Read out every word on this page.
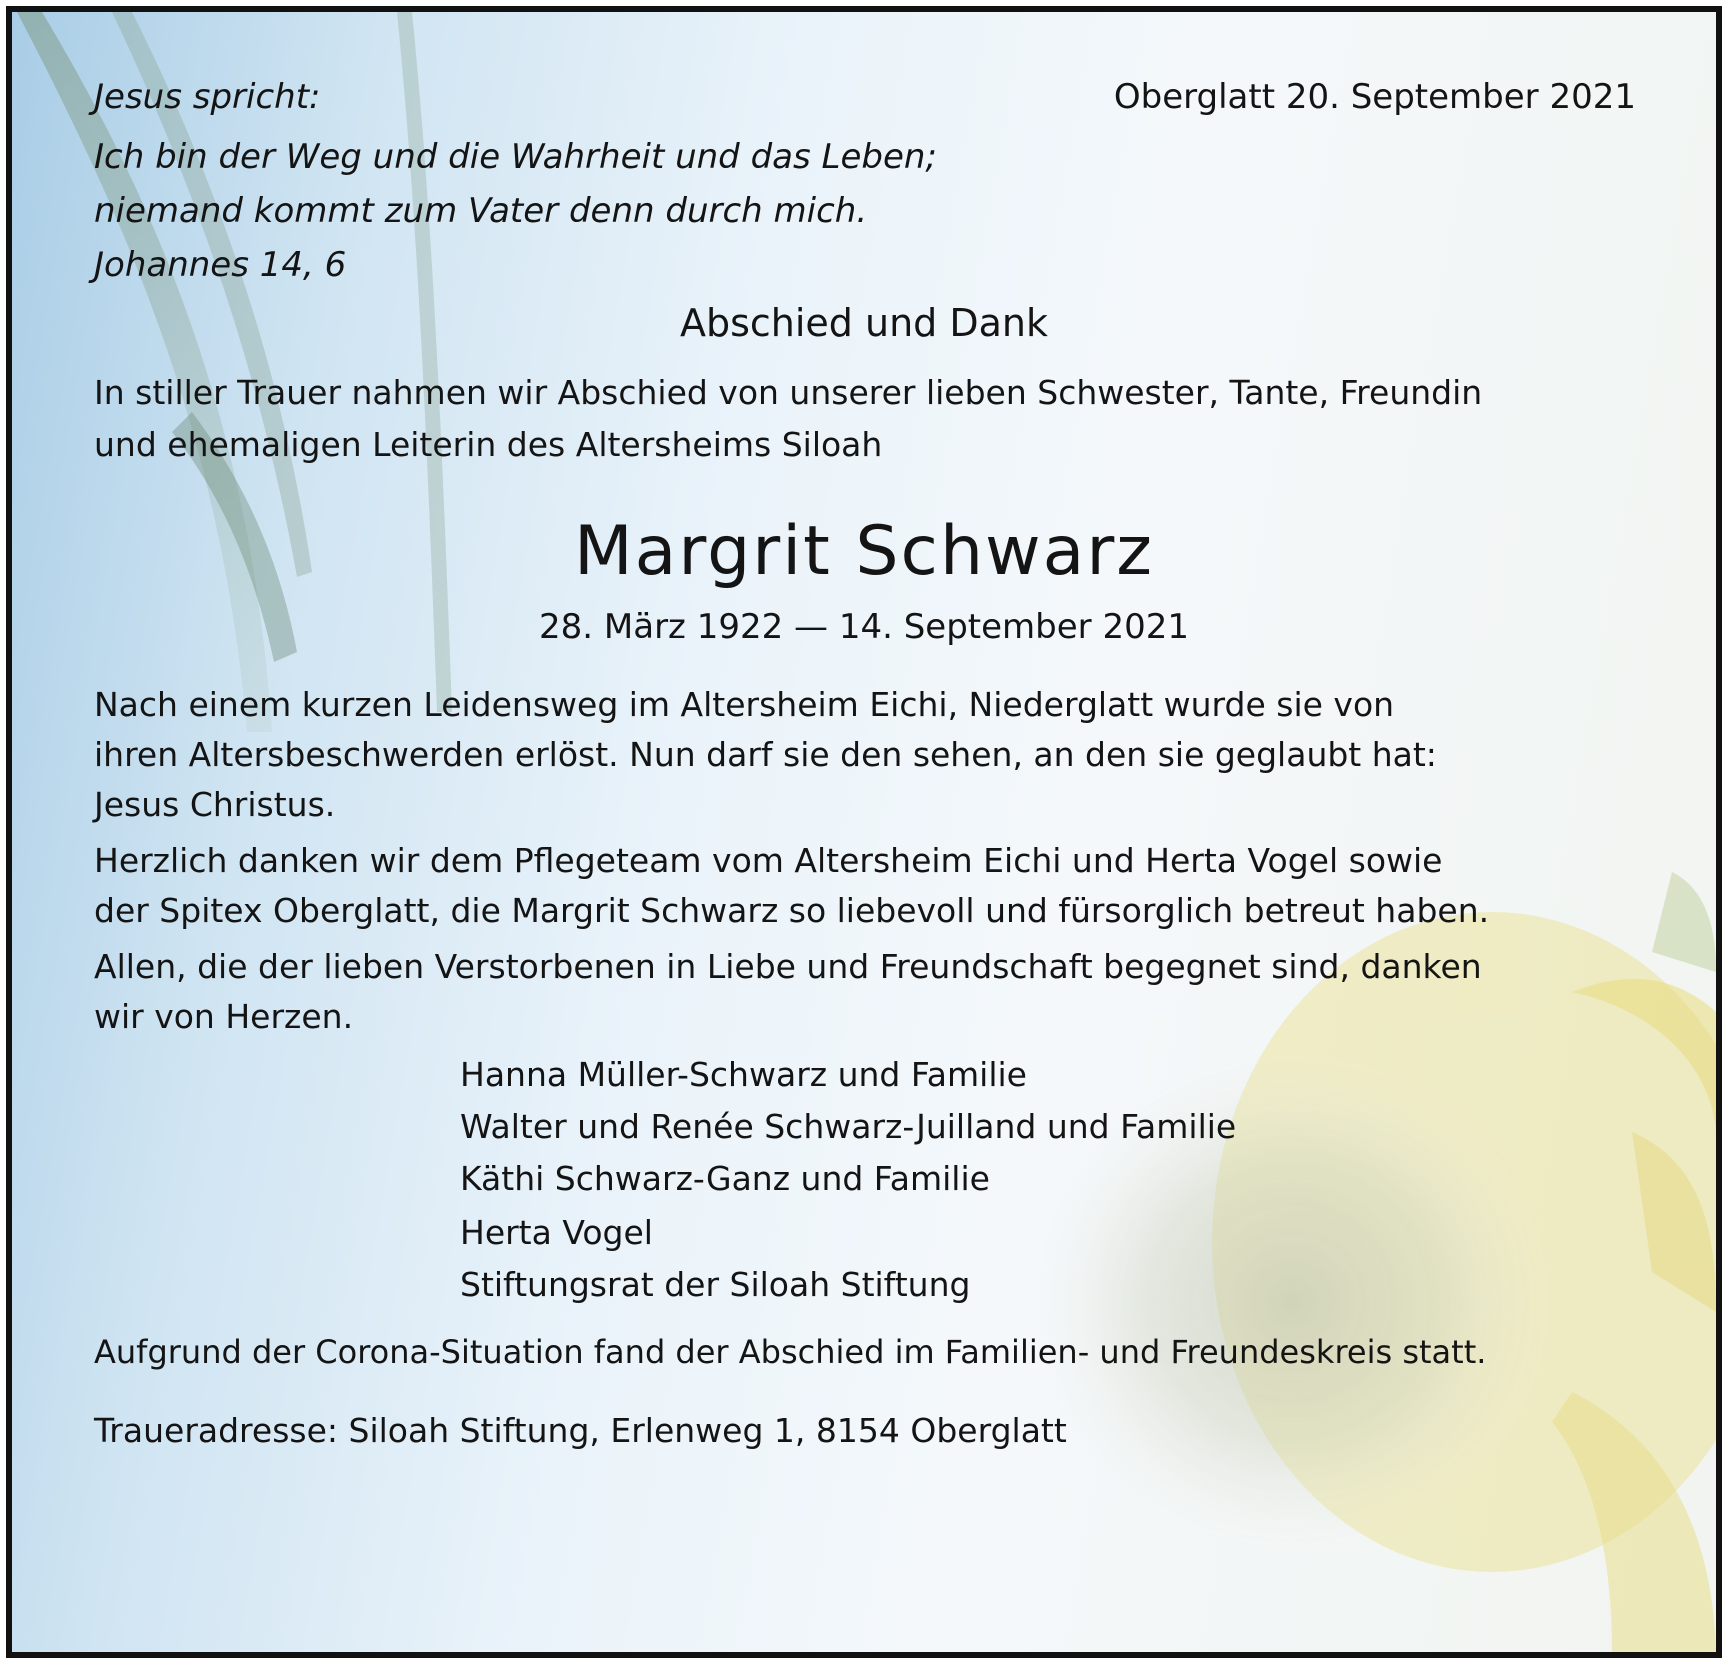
Jesus spricht:	Oberglatt 20. September 2021

Ich bin der Weg und die Wahrheit und das Leben;

niemand kommt zum Vater denn durch mich.

Johannes 14, 6

Abschied und Dank

In stiller Trauer nahmen wir Abschied von unserer lieben Schwester, Tante, Freundin

und ehemaligen Leiterin des Altersheims Siloah

Margrit Schwarz

28. März 1922 — 14. September 2021

Nach einem kurzen Leidensweg im Altersheim Eichi, Niederglatt wurde sie von

ihren Altersbeschwerden erlöst. Nun darf sie den sehen, an den sie geglaubt hat:

Jesus Christus.

Herzlich danken wir dem Pflegeteam vom Altersheim Eichi und Herta Vogel sowie

der Spitex Oberglatt, die Margrit Schwarz so liebevoll und fürsorglich betreut haben.

Allen, die der lieben Verstorbenen in Liebe und Freundschaft begegnet sind, danken

wir von Herzen.

Hanna Müller-Schwarz und Familie

Walter und Renée Schwarz-Juilland und Familie

Käthi Schwarz-Ganz und Familie

Herta Vogel

Stiftungsrat der Siloah Stiftung

Aufgrund der Corona-Situation fand der Abschied im Familien- und Freundeskreis statt.

Traueradresse: Siloah Stiftung, Erlenweg 1, 8154 Oberglatt
